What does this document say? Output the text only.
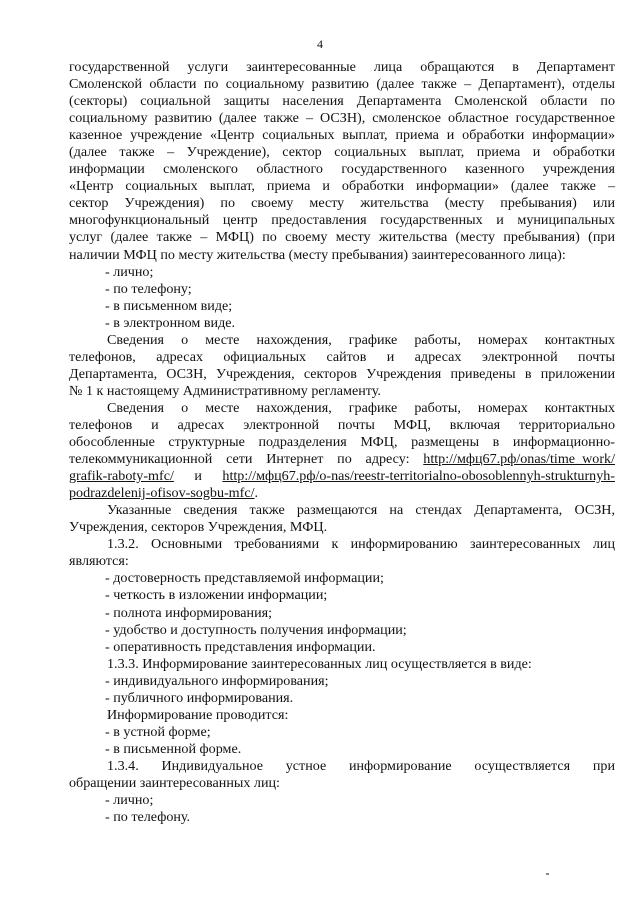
4

государственной услуги заинтересованные лица обращаются в Департамент

Смоленской области по социальному развитию (далее также – Департамент), отделы

(секторы) социальной защиты населения Департамента Смоленской области по

социальному развитию (далее также – ОСЗН), смоленское областное государственное

казенное учреждение «Центр социальных выплат, приема и обработки информации»

(далее также – Учреждение), сектор социальных выплат, приема и обработки

информации смоленского областного государственного казенного учреждения

«Центр социальных выплат, приема и обработки информации» (далее также –

сектор Учреждения) по своему месту жительства (месту пребывания) или

многофункциональный центр предоставления государственных и муниципальных

услуг (далее также – МФЦ) по своему месту жительства (месту пребывания) (при

наличии МФЦ по месту жительства (месту пребывания) заинтересованного лица):

- лично;

- по телефону;

- в письменном виде;

- в электронном виде.

Сведения о месте нахождения, графике работы, номерах контактных

телефонов, адресах официальных сайтов и адресах электронной почты

Департамента, ОСЗН, Учреждения, секторов Учреждения приведены в приложении

№ 1 к настоящему Административному регламенту.

Сведения о месте нахождения, графике работы, номерах контактных

телефонов и адресах электронной почты МФЦ, включая территориально

обособленные структурные подразделения МФЦ, размещены в информационно-

телекоммуникационной сети Интернет по адресу: http://мфц67.рф/onas/time_work/

grafik-raboty-mfc/ и http://мфц67.рф/o-nas/reestr-territorialno-obosoblennyh-strukturnyh-

podrazdelenij-ofisov-sogbu-mfc/.

Указанные сведения также размещаются на стендах Департамента, ОСЗН,

Учреждения, секторов Учреждения, МФЦ.

1.3.2. Основными требованиями к информированию заинтересованных лиц

являются:

- достоверность представляемой информации;

- четкость в изложении информации;

- полнота информирования;

- удобство и доступность получения информации;

- оперативность представления информации.

1.3.3. Информирование заинтересованных лиц осуществляется в виде:

- индивидуального информирования;

- публичного информирования.

Информирование проводится:

- в устной форме;

- в письменной форме.

1.3.4. Индивидуальное устное информирование осуществляется при

обращении заинтересованных лиц:

- лично;

- по телефону.
